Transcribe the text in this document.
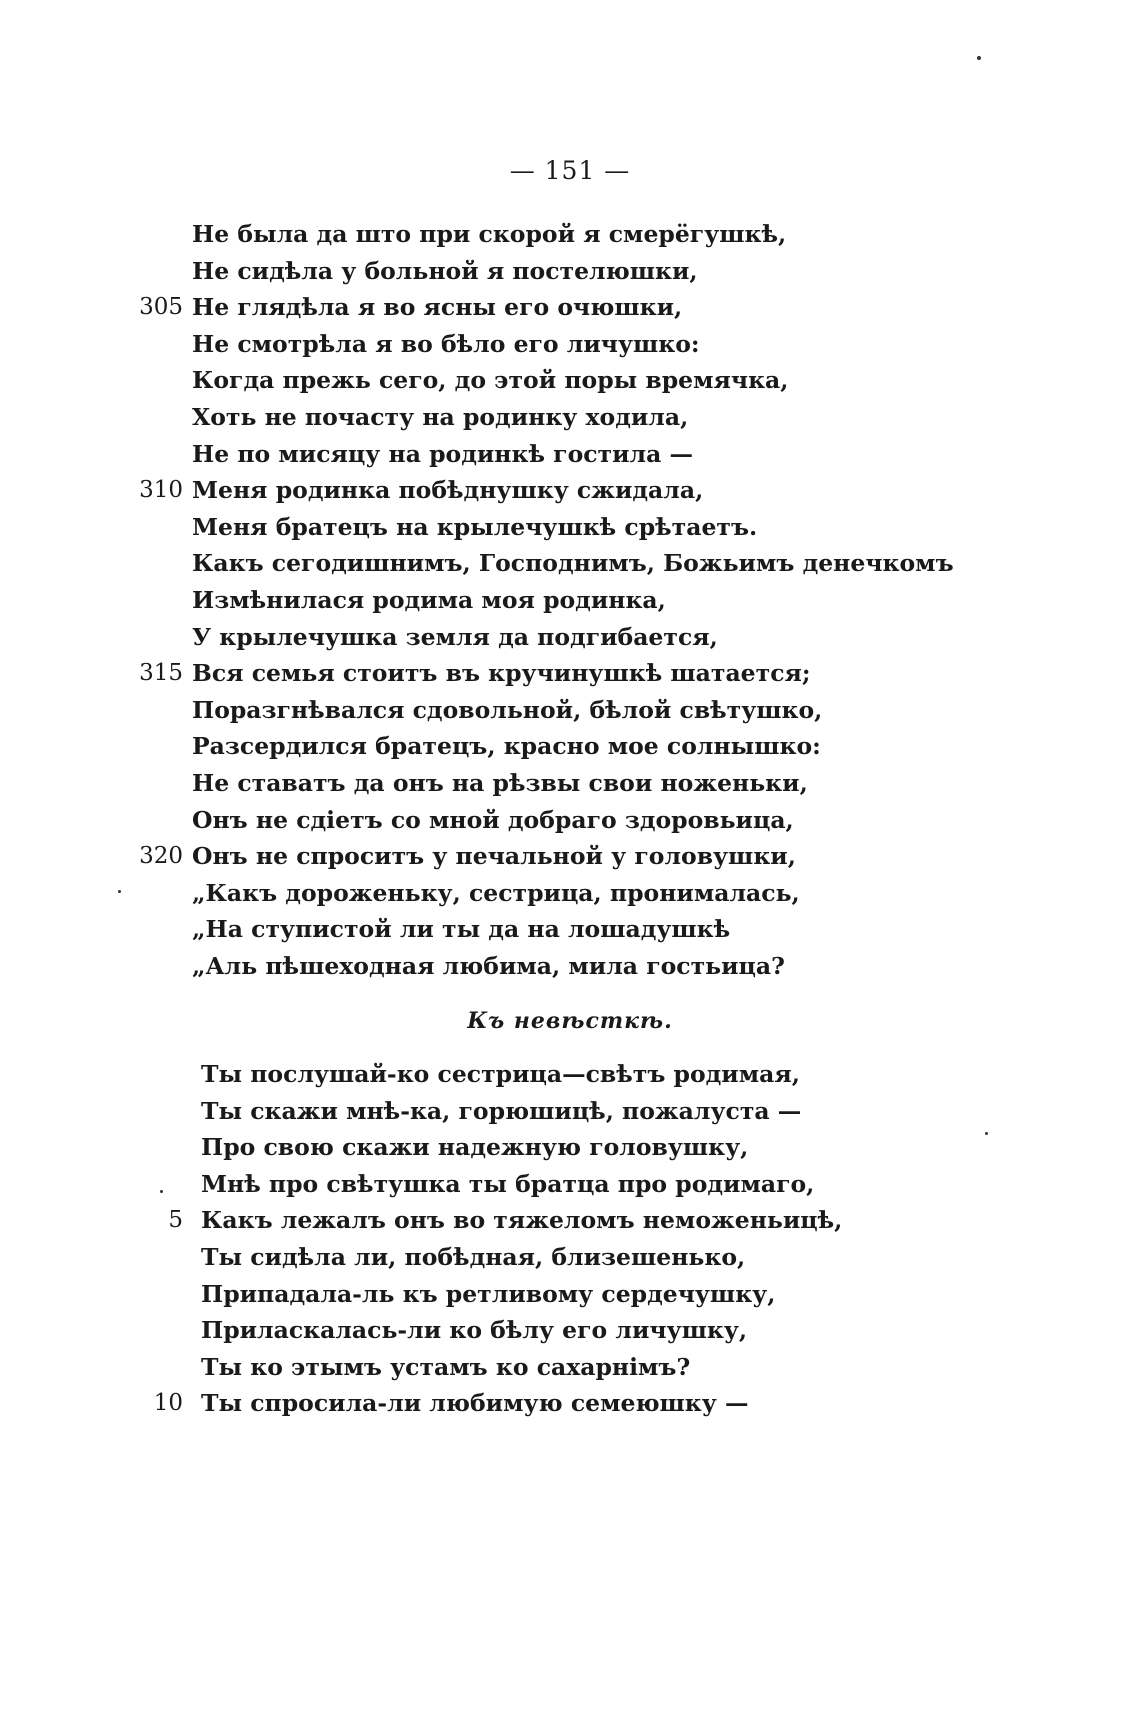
— 151 —
Не была да што при скорой я смерёгушкѣ,
Не сидѣла у больной я постелюшки,
305 Не глядѣла я во ясны его очюшки,
Не смотрѣла я во бѣло его личушко:
Когда прежь сего, до этой поры времячка,
Хоть не почасту на родинку ходила,
Не по мисяцу на родинкѣ гостила —
310 Меня родинка побѣднушку сжидала,
Меня братецъ на крылечушкѣ срѣтаетъ.
Какъ сегодишнимъ, Господнимъ, Божьимъ денечкомъ
Измѣнилася родима моя родинка,
У крылечушка земля да подгибается,
315 Вся семья стоитъ въ кручинушкѣ шатается;
Поразгнѣвался сдовольной, бѣлой свѣтушко,
Разсердился братецъ, красно мое солнышко:
Не ставатъ да онъ на рѣзвы свои ноженьки,
Онъ не сдіетъ со мной добраго здоровьица,
320 Онъ не спроситъ у печальной у головушки,
„Какъ дороженьку, сестрица, пронималась,
„На ступистой ли ты да на лошадушкѣ
„Аль пѣшеходная любима, мила гостьица?
Къ невѣсткѣ.
Ты послушай-ко сестрица—свѣтъ родимая,
Ты скажи мнѣ-ка, горюшицѣ, пожалуста —
Про свою скажи надежную головушку,
Мнѣ про свѣтушка ты братца про родимаго,
5 Какъ лежалъ онъ во тяжеломъ неможеньицѣ,
Ты сидѣла ли, побѣдная, близешенько,
Припадала-ль къ ретливому сердечушку,
Приласкалась-ли ко бѣлу его личушку,
Ты ко этымъ устамъ ко сахарнімъ?
10 Ты спросила-ли любимую семеюшку —
